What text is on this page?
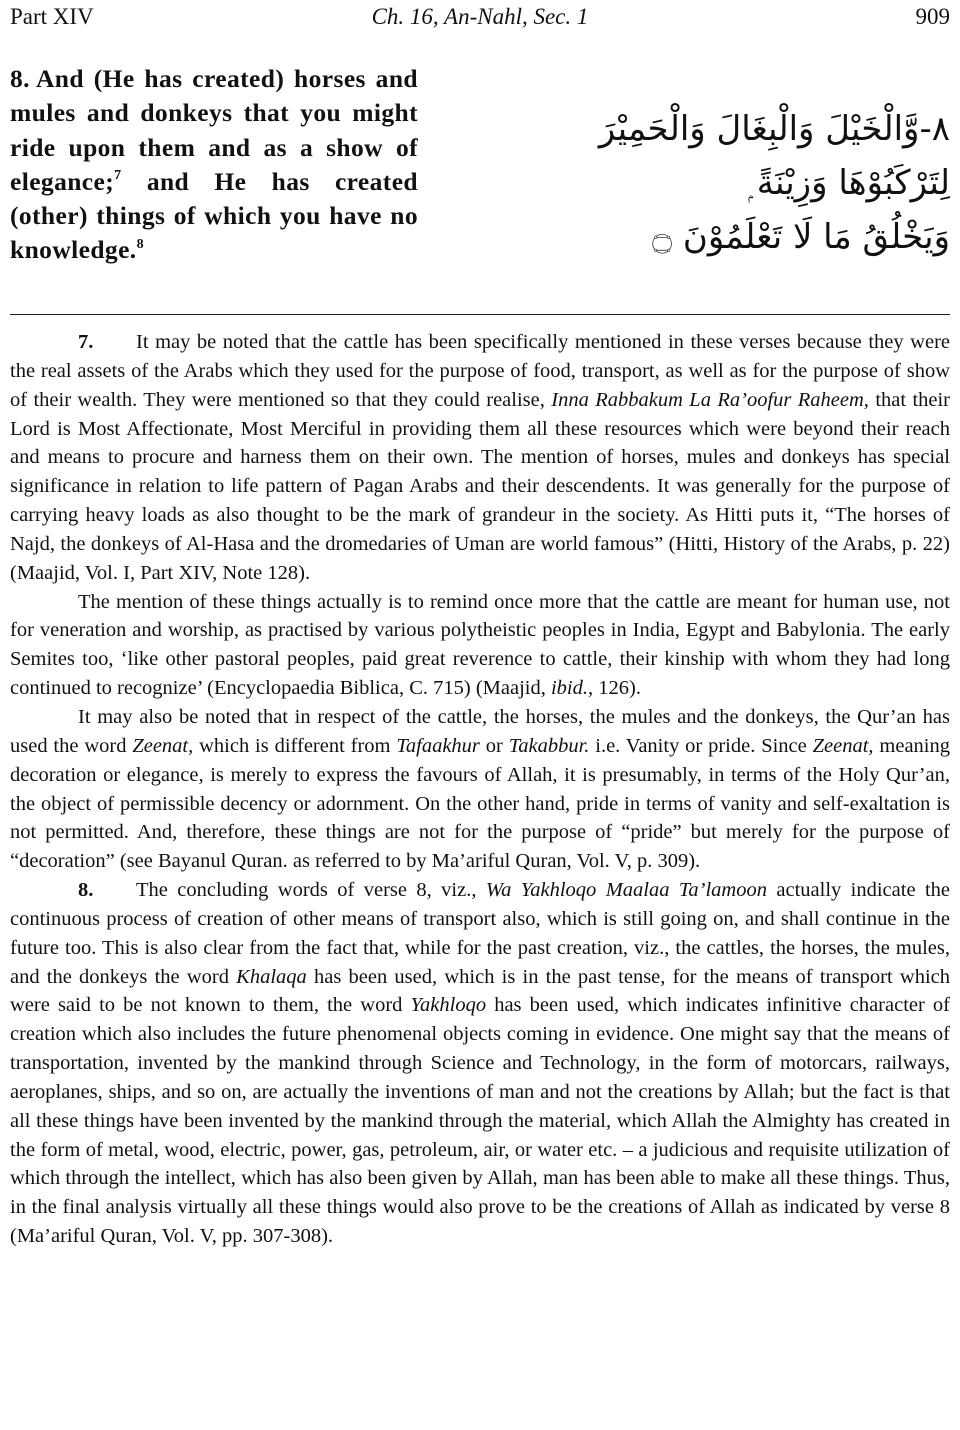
Part XIV	Ch. 16, An-Nahl, Sec. 1	909
8. And (He has created) horses and mules and donkeys that you might ride upon them and as a show of elegance;$^7$ and He has created (other) things of which you have no knowledge.$^8$
٨-وَّالْخَيْلَ وَالْبِغَالَ وَالْحَمِيْرَ
لِتَرْكَبُوْهَا وَزِيْنَةً ۭ
وَيَخْلُقُ مَا لَا تَعْلَمُوْنَ ۝

7. It may be noted that the cattle has been specifically mentioned in these verses because they were the real assets of the Arabs which they used for the purpose of food, transport, as well as for the purpose of show of their wealth. They were mentioned so that they could realise, Inna Rabbakum La Ra’oofur Raheem, that their Lord is Most Affectionate, Most Merciful in providing them all these resources which were beyond their reach and means to procure and harness them on their own. The mention of horses, mules and donkeys has special significance in relation to life pattern of Pagan Arabs and their descendents. It was generally for the purpose of carrying heavy loads as also thought to be the mark of grandeur in the society. As Hitti puts it, “The horses of Najd, the donkeys of Al-Hasa and the dromedaries of Uman are world famous” (Hitti, History of the Arabs, p. 22) (Maajid, Vol. I, Part XIV, Note 128).

The mention of these things actually is to remind once more that the cattle are meant for human use, not for veneration and worship, as practised by various polytheistic peoples in India, Egypt and Babylonia. The early Semites too, ‘like other pastoral peoples, paid great reverence to cattle, their kinship with whom they had long continued to recognize’ (Encyclopaedia Biblica, C. 715) (Maajid, ibid., 126).

It may also be noted that in respect of the cattle, the horses, the mules and the donkeys, the Qur’an has used the word Zeenat, which is different from Tafaakhur or Takabbur. i.e. Vanity or pride. Since Zeenat, meaning decoration or elegance, is merely to express the favours of Allah, it is presumably, in terms of the Holy Qur’an, the object of permissible decency or adornment. On the other hand, pride in terms of vanity and self-exaltation is not permitted. And, therefore, these things are not for the purpose of “pride” but merely for the purpose of “decoration” (see Bayanul Quran. as referred to by Ma’ariful Quran, Vol. V, p. 309).

8. The concluding words of verse 8, viz., Wa Yakhloqo Maalaa Ta’lamoon actually indicate the continuous process of creation of other means of transport also, which is still going on, and shall continue in the future too. This is also clear from the fact that, while for the past creation, viz., the cattles, the horses, the mules, and the donkeys the word Khalaqa has been used, which is in the past tense, for the means of transport which were said to be not known to them, the word Yakhloqo has been used, which indicates infinitive character of creation which also includes the future phenomenal objects coming in evidence. One might say that the means of transportation, invented by the mankind through Science and Technology, in the form of motorcars, railways, aeroplanes, ships, and so on, are actually the inventions of man and not the creations by Allah; but the fact is that all these things have been invented by the mankind through the material, which Allah the Almighty has created in the form of metal, wood, electric, power, gas, petroleum, air, or water etc. – a judicious and requisite utilization of which through the intellect, which has also been given by Allah, man has been able to make all these things. Thus, in the final analysis virtually all these things would also prove to be the creations of Allah as indicated by verse 8 (Ma’ariful Quran, Vol. V, pp. 307-308).
